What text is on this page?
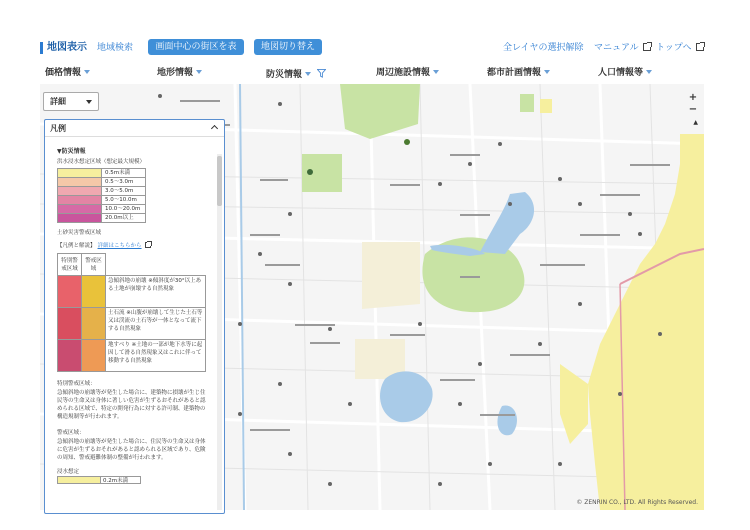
地図表示 地域検索	画面中心の街区を表示
地図切り替え	全レイヤの選択解除 マニュアル	トップへ
価格情報	地形情報	防災情報	周辺施設情報	都市計画情報	人口情報等
+
−
▲
© ZENRIN CO., LTD. All Rights Reserved.
詳細
凡例
▼防災情報
洪水浸水想定区域（想定最大規模）
	0.5m未満
	0.5～3.0m
	3.0～5.0m
	5.0～10.0m
	10.0～20.0m
	20.0m以上
土砂災害警戒区域
【凡例と解説】 詳細はこちらから
特別警戒区域	警戒区域	
		急傾斜地の崩壊 ※傾斜度が30°以上ある土地が崩壊する自然現象
		土石流 ※山腹が崩壊して生じた土石等又は渓流の土石等が一体となって流下する自然現象
		地すべり ※土地の一部が地下水等に起因して滑る自然現象又はこれに伴って移動する自然現象
特別警戒区域：
急傾斜地の崩壊等が発生した場合に、建築物に損壊が生じ住民等の生命又は身体に著しい危害が生ずるおそれがあると認められる区域で、特定の開発行為に対する許可制、建築物の構造規制等が行われます。
警戒区域：
急傾斜地の崩壊等が発生した場合に、住民等の生命又は身体に危害が生ずるおそれがあると認められる区域であり、危険の周知、警戒避難体制の整備が行われます。
浸水想定
0.2m未満
